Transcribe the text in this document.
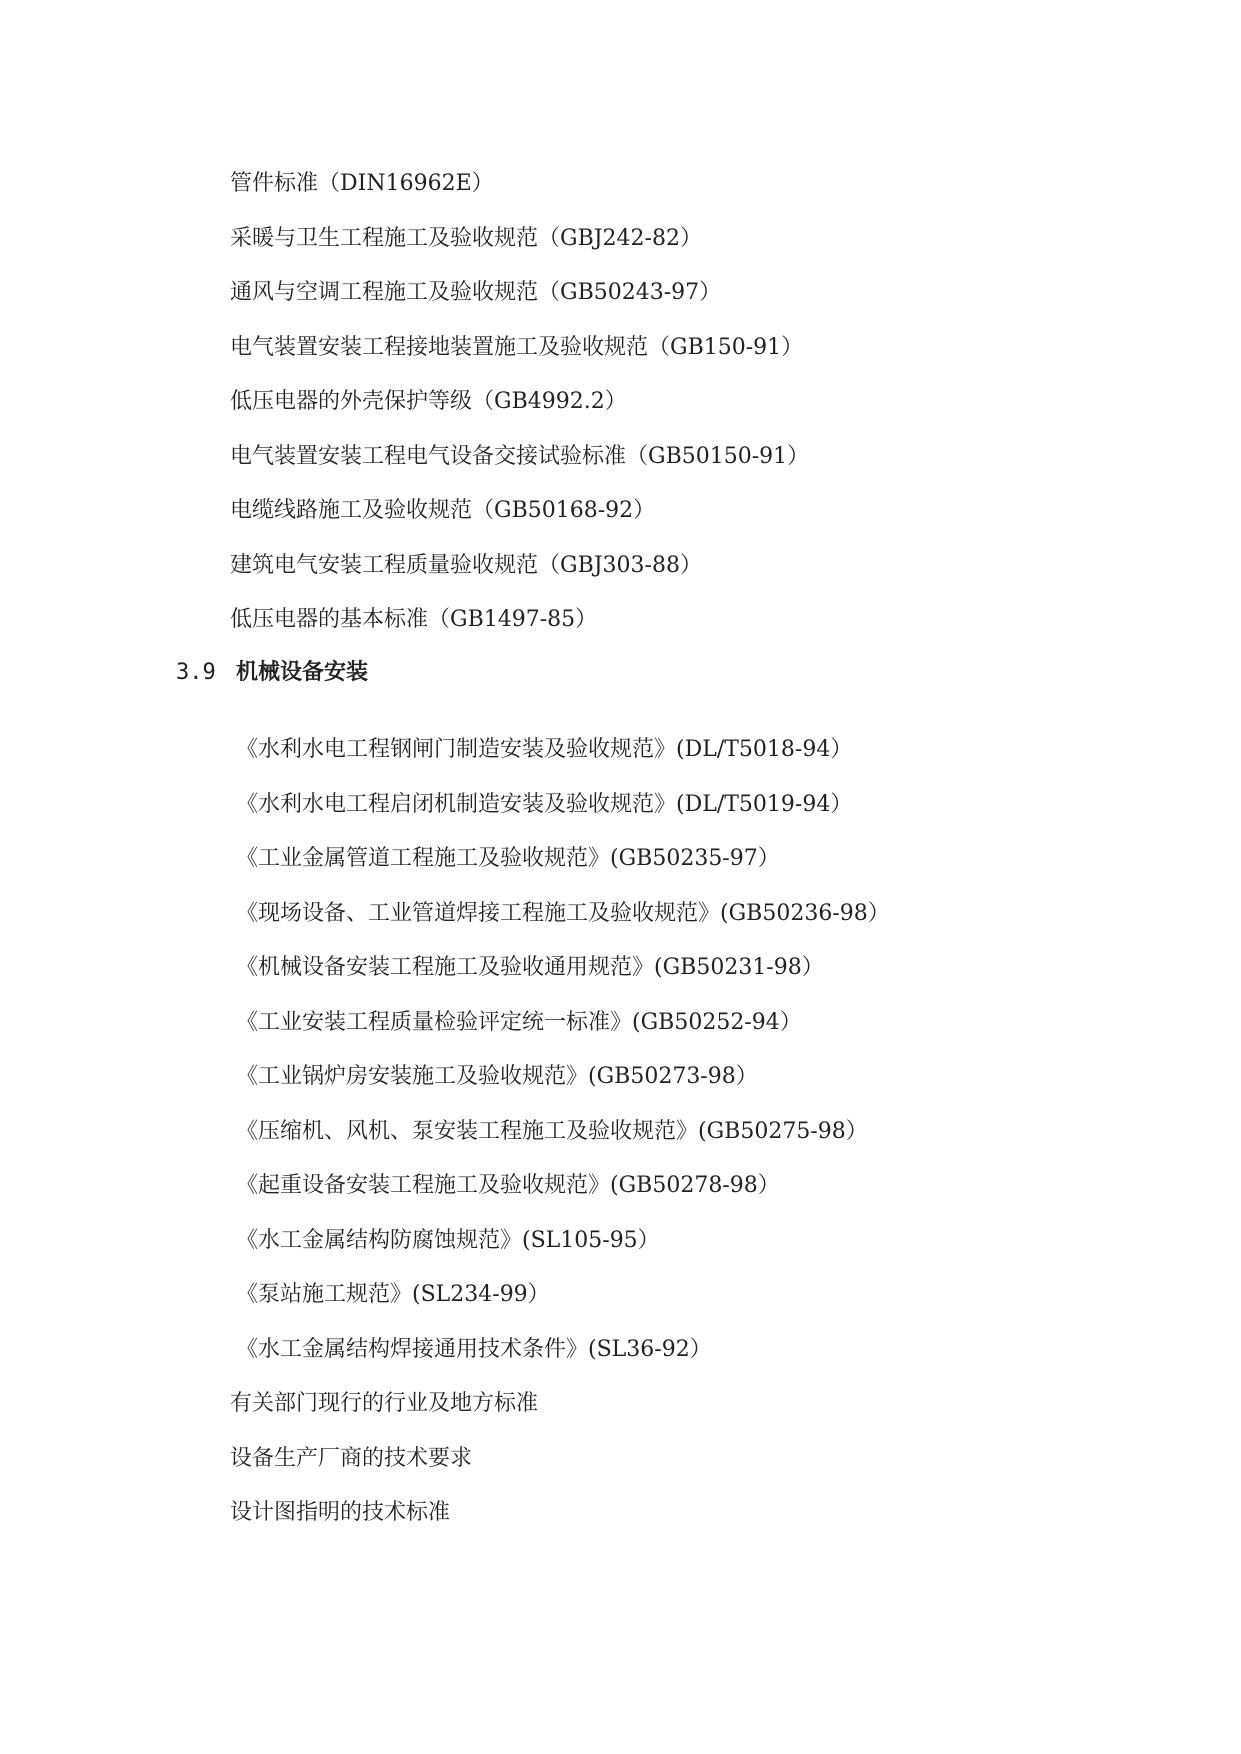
管件标准（DIN16962E）
采暖与卫生工程施工及验收规范（GBJ242-82）
通风与空调工程施工及验收规范（GB50243-97）
电气装置安装工程接地装置施工及验收规范（GB150-91）
低压电器的外壳保护等级（GB4992.2）
电气装置安装工程电气设备交接试验标准（GB50150-91）
电缆线路施工及验收规范（GB50168-92）
建筑电气安装工程质量验收规范（GBJ303-88）
低压电器的基本标准（GB1497-85）
3.9 机械设备安装
《水利水电工程钢闸门制造安装及验收规范》(DL/T5018-94）
《水利水电工程启闭机制造安装及验收规范》(DL/T5019-94）
《工业金属管道工程施工及验收规范》(GB50235-97）
《现场设备、工业管道焊接工程施工及验收规范》(GB50236-98）
《机械设备安装工程施工及验收通用规范》(GB50231-98）
《工业安装工程质量检验评定统一标准》(GB50252-94）
《工业锅炉房安装施工及验收规范》(GB50273-98）
《压缩机、风机、泵安装工程施工及验收规范》(GB50275-98）
《起重设备安装工程施工及验收规范》(GB50278-98）
《水工金属结构防腐蚀规范》(SL105-95）
《泵站施工规范》(SL234-99）
《水工金属结构焊接通用技术条件》(SL36-92）
有关部门现行的行业及地方标准
设备生产厂商的技术要求
设计图指明的技术标准
